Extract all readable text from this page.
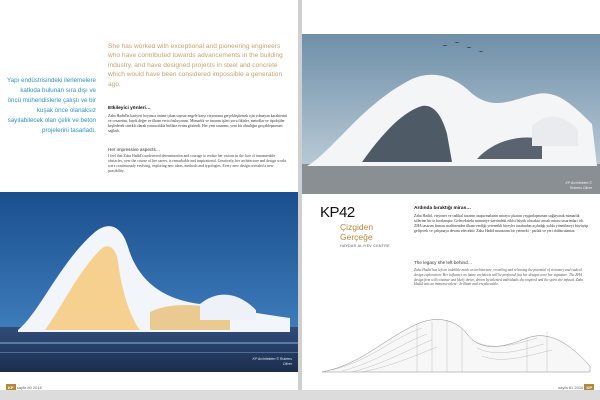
Yapı endüstrisindeki ilerlemelere katkıda bulunan sıra dışı ve öncü mühendislerle çalıştı ve bir kuşak önce olanaksız sayılabilecek olan çelik ve beton projelerini tasarladı.
She has worked with exceptional and pioneering engineers who have contributed towards advancements in the building industry, and have designed projects in steel and concrete which would have been considered impossible a generation ago.
Etkileyici yönleri…
Zaha Hadid'in kariyeri boyunca önüne çıkan sayısız engele karşı vizyonunu gerçekleştirmek için yılmayan karakterini ve cesaretini, kaydı değer ve ilham verici buluyorum. Mimarlık ve tasarım işleri yoru fikirler, metodlar ve tipolojiler keşfederek sürekli olarak yaratıcılıkla birlikte evrim gösterdi. Her yeni tasarımı, yeni bir olasılığın gerçekleşmesini sağladı.
Her impressive aspects…
I feel that Zaha Hadid's undeterred determination and courage to realise her visions in the face of innumerable obstacles, over the course of her career, is remarkable and inspirational. Creatively, her architecture and design works were continuously evolving, exploring new ideas, methods and typologies. Every new design revealed a new possibility.
KP Architekten © Rubens Oliver
KP sayfa 80 2016
KP Architekten © Rubens Oliver
KP42
Çizgiden
Gerçeğe
HAYDAR ALIYEV CENTRE
Ardında bıraktığı miras…
Zaha Hadid, vizyoner ve radikal tasarım araştırmalarını miraya çıkaran yaygınlaşmasını sağlayarak mimarlık sıllerine bir iz bırakmıştır. Geleceksteki mimariye üzerindeki etkisi büyük olacaktır ancak mirası tasarımları idi. ZHA tasarım firması maliinenden ilham verdiği yeteneikli bireyler tarafından açıladığı yolda yönetilmeyi büyüyüp gelişecek ve çalışmaya devam edecektir. Zaha Hadid muazzam bir yeteneki - parlak ve yeri doldurulamaz.
The legacy she left behind…
Zaha Hadid has left an indelible mark on architecture, revealing and releasing the potential of visionary and radical design exploration. Her influence on future architects will be profound, but her designs were her signature. The ZHA design firm will continue and likely thrive, driven by talented individuals she inspired and the spirit she infused. Zaha Hadid was an immense talent - brilliant and irreplaceable.
sayfa 81 2016 KP
